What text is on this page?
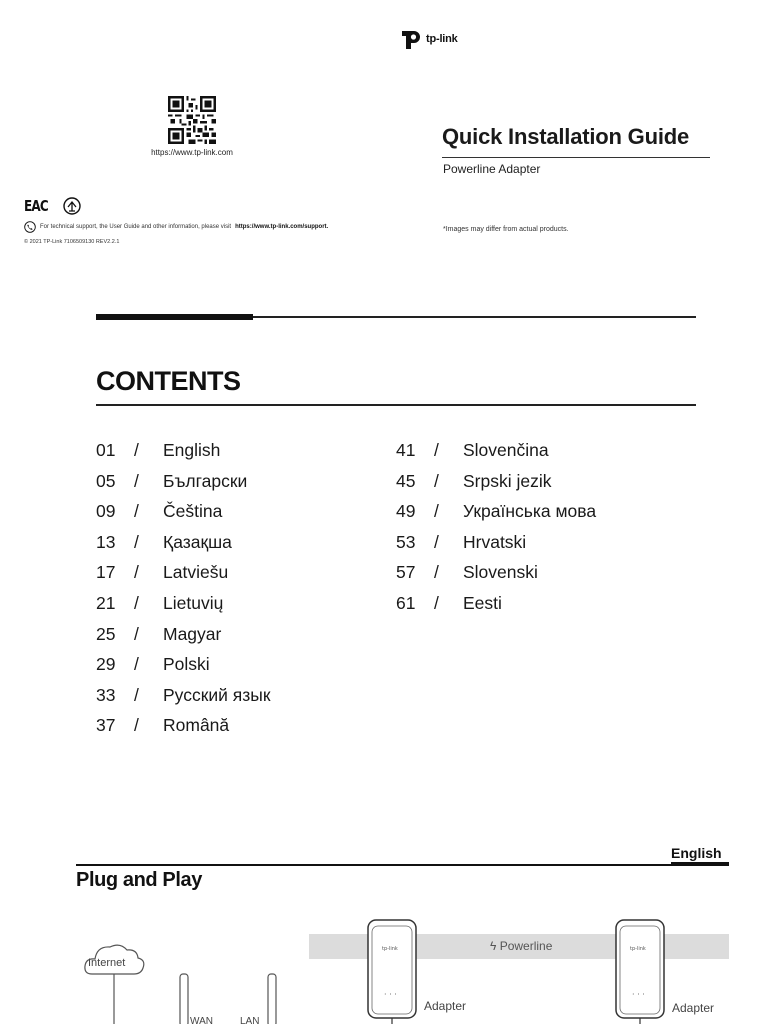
tp-link
https://www.tp-link.com
Quick Installation Guide
Powerline Adapter
EAC
For technical support, the User Guide and other information, please visit https://www.tp-link.com/support.
© 2021 TP-Link 7106509130 REV2.2.1
*Images may differ from actual products.
CONTENTS
01	/	English
05	/	Български
09	/	Čeština
13	/	Қазақша
17	/	Latviešu
21	/	Lietuvių
25	/	Magyar
29	/	Polski
33	/	Русский язык
37	/	Română
41	/	Slovenčina
45	/	Srpski jezik
49	/	Українська мова
53	/	Hrvatski
57	/	Slovenski
61	/	Eesti
English
Plug and Play
ϟ Powerline
Internet
WAN	LAN
tp-link
· · ·
Adapter
tp-link
· · ·
Adapter
